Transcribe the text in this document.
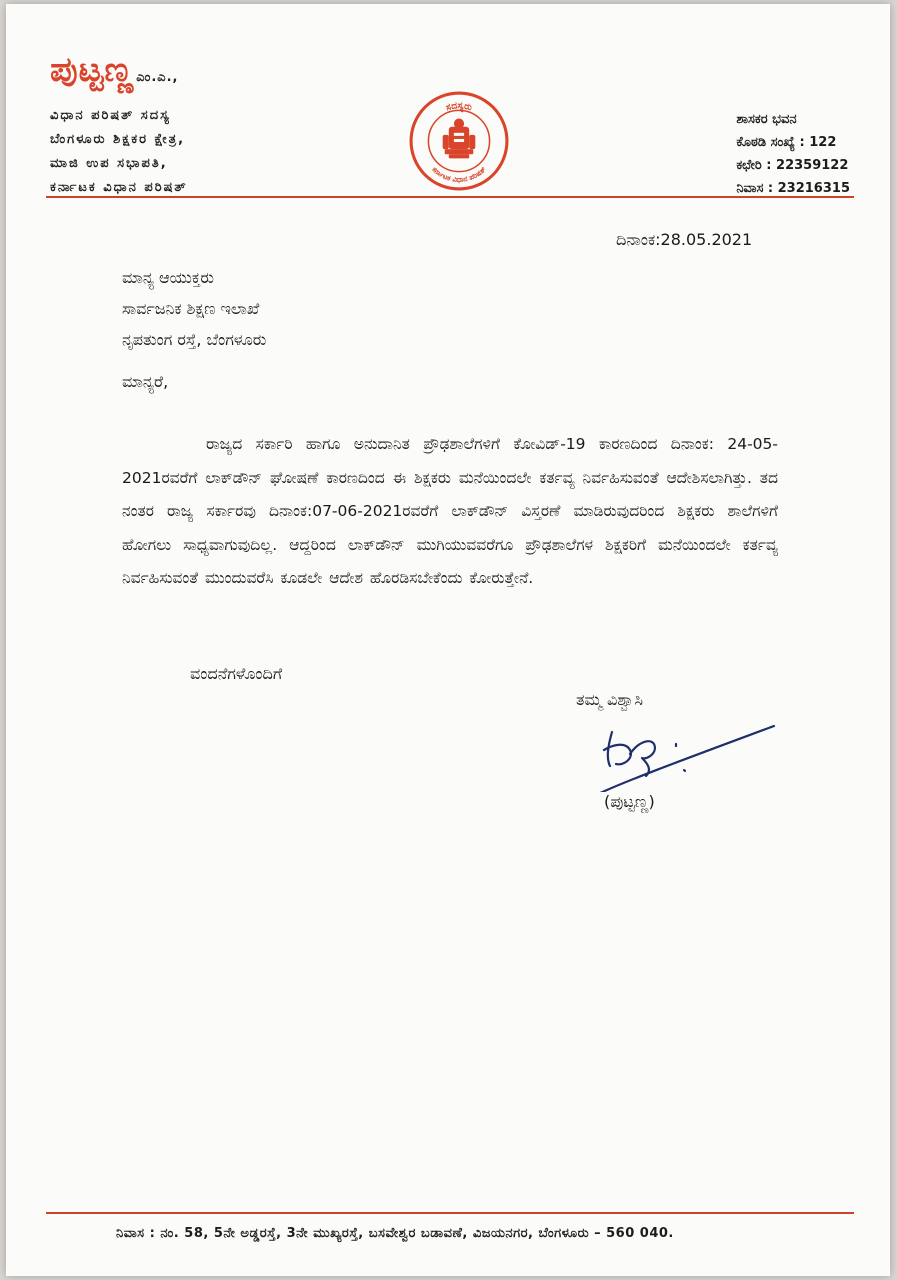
ಪುಟ್ಟಣ್ಣ ಎಂ.ಎ.,
ವಿಧಾನ ಪರಿಷತ್ ಸದಸ್ಯ
ಬೆಂಗಳೂರು ಶಿಕ್ಷಕರ ಕ್ಷೇತ್ರ,
ಮಾಜಿ ಉಪ ಸಭಾಪತಿ,
ಕರ್ನಾಟಕ ವಿಧಾನ ಪರಿಷತ್
ಸದಸ್ಯರು
ಕರ್ನಾಟಕ ವಿಧಾನ ಪರಿಷತ್
ಶಾಸಕರ ಭವನ
ಕೊಠಡಿ ಸಂಖ್ಯೆ : 122
ಕಛೇರಿ : 22359122
ನಿವಾಸ : 23216315
ದಿನಾಂಕ:28.05.2021
ಮಾನ್ಯ ಆಯುಕ್ತರು
ಸಾರ್ವಜನಿಕ ಶಿಕ್ಷಣ ಇಲಾಖೆ
ನೃಪತುಂಗ ರಸ್ತೆ, ಬೆಂಗಳೂರು
ಮಾನ್ಯರೆ,
ರಾಜ್ಯದ ಸರ್ಕಾರಿ ಹಾಗೂ ಅನುದಾನಿತ ಪ್ರೌಢಶಾಲೆಗಳಿಗೆ ಕೋವಿಡ್-19 ಕಾರಣದಿಂದ ದಿನಾಂಕ: 24-05-2021ರವರೆಗೆ ಲಾಕ್‌ಡೌನ್ ಘೋಷಣೆ ಕಾರಣದಿಂದ ಈ ಶಿಕ್ಷಕರು ಮನೆಯಿಂದಲೇ ಕರ್ತವ್ಯ ನಿರ್ವಹಿಸುವಂತೆ ಆದೇಶಿಸಲಾಗಿತ್ತು. ತದ ನಂತರ ರಾಜ್ಯ ಸರ್ಕಾರವು ದಿನಾಂಕ:07-06-2021ರವರೆಗೆ ಲಾಕ್‌ಡೌನ್ ವಿಸ್ತರಣೆ ಮಾಡಿರುವುದರಿಂದ ಶಿಕ್ಷಕರು ಶಾಲೆಗಳಿಗೆ ಹೋಗಲು ಸಾಧ್ಯವಾಗುವುದಿಲ್ಲ. ಆದ್ದರಿಂದ ಲಾಕ್‌ಡೌನ್ ಮುಗಿಯುವವರೆಗೂ ಪ್ರೌಢಶಾಲೆಗಳ ಶಿಕ್ಷಕರಿಗೆ ಮನೆಯಿಂದಲೇ ಕರ್ತವ್ಯ ನಿರ್ವಹಿಸುವಂತೆ ಮುಂದುವರೆಸಿ ಕೂಡಲೇ ಆದೇಶ ಹೊರಡಿಸಬೇಕೆಂದು ಕೋರುತ್ತೇನೆ.
ವಂದನೆಗಳೊಂದಿಗೆ
ತಮ್ಮ ವಿಶ್ವಾಸಿ
(ಪುಟ್ಟಣ್ಣ)
ನಿವಾಸ : ನಂ. 58, 5ನೇ ಅಡ್ಡರಸ್ತೆ, 3ನೇ ಮುಖ್ಯರಸ್ತೆ, ಬಸವೇಶ್ವರ ಬಡಾವಣೆ, ವಿಜಯನಗರ, ಬೆಂಗಳೂರು – 560 040.
